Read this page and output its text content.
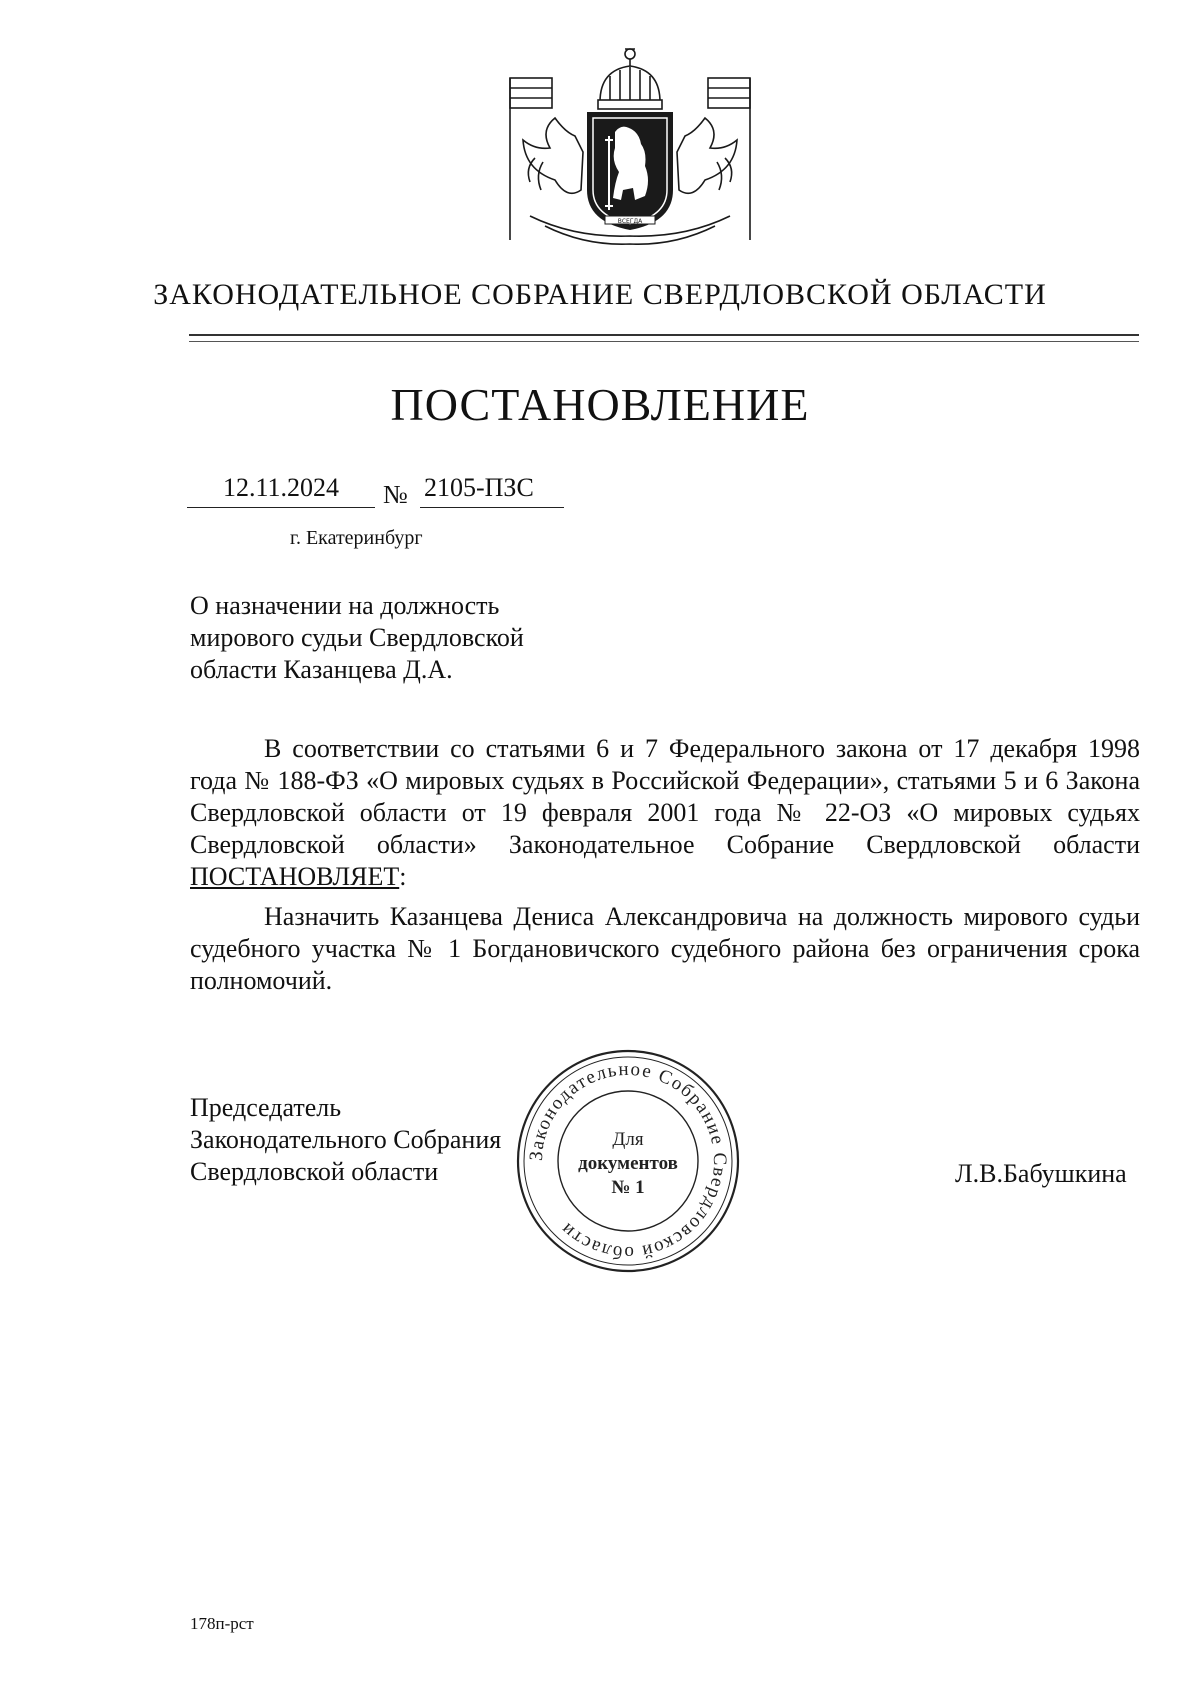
ВСЕГДА
ЗАКОНОДАТЕЛЬНОЕ СОБРАНИЕ СВЕРДЛОВСКОЙ ОБЛАСТИ
ПОСТАНОВЛЕНИЕ
12.11.2024	№ 2105-ПЗС
г. Екатеринбург
О назначении на должность
мирового судьи Свердловской
области Казанцева Д.А.

В соответствии со статьями 6 и 7 Федерального закона от 17 декабря 1998 года № 188-ФЗ «О мировых судьях в Российской Федерации», статьями 5 и 6 Закона Свердловской области от 19 февраля 2001 года № 22-ОЗ «О мировых судьях Свердловской области» Законодательное Собрание Свердловской области ПОСТАНОВЛЯЕТ:

Назначить Казанцева Дениса Александровича на должность мирового судьи судебного участка № 1 Богдановичского судебного района без ограничения срока полномочий.

Председатель
Законодательного Собрания
Свердловской области
Законодательное Собрание Свердловской области
Для
документов
№ 1	Л.В.Бабушкина
178п-рст
